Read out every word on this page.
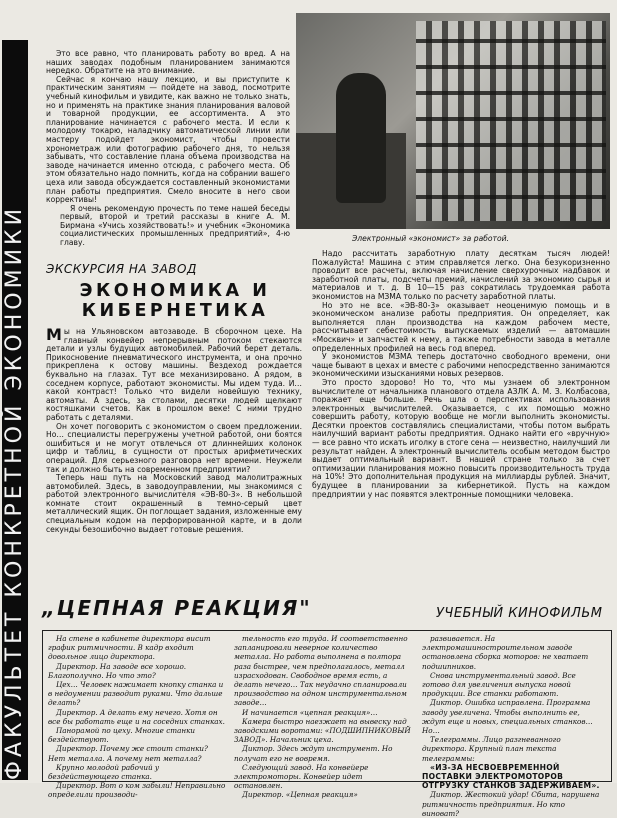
ФАКУЛЬТЕТ КОНКРЕТНОЙ ЭКОНОМИКИ

Это все равно, что планировать работу во вред. А на наших заводах подобным планированием занимаются нередко. Обратите на это внимание.

Сейчас я кончаю нашу лекцию, и вы приступите к практическим занятиям — пойдете на завод, посмотрите учебный кинофильм и увидите, как важно не только знать, но и применять на практике знания планирования валовой и товарной продукции, ее ассортимента. А это планирование начинается с рабочего места. И если к молодому токарю, наладчику автоматической линии или мастеру подойдет экономист, чтобы провести хронометраж или фотографию рабочего дня, то нельзя забывать, что составление плана объема производства на заводе начинается именно отсюда, с рабочего места. Об этом обязательно надо помнить, когда на собрании вашего цеха или завода обсуждается составленный экономистами план работы предприятия. Смело вносите в него свои коррективы!

Я очень рекомендую прочесть по теме нашей беседы первый, второй и третий рассказы в книге А. М. Бирмана «Учись хозяйствовать!» и учебник «Экономика социалистических промышленных предприятий», 4-ю главу.	Электронный «экономист» за работой.
ЭКСКУРСИЯ НА ЗАВОД
ЭКОНОМИКА И КИБЕРНЕТИКА

М ы на Ульяновском автозаводе. В сборочном цехе. На главный конвейер непрерывным потоком стекаются детали и узлы будущих автомобилей. Рабочий берет деталь. Прикосновение пневматического инструмента, и она прочно прикреплена к остову машины. Вездеход рождается буквально на глазах. Тут все механизировано. А рядом, в соседнем корпусе, работают экономисты. Мы идем туда. И… какой контраст! Только что видели новейшую технику, автоматы. А здесь, за столами, десятки людей щелкают костяшками счетов. Как в прошлом веке! С ними трудно работать с деталями.

Он хочет поговорить с экономистом о своем предложении. Но… специалисты перегружены учетной работой, они боятся ошибиться и не могут отвлечься от длиннейших колонок цифр и таблиц, в сущности от простых арифметических операций. Для серьезного разговора нет времени. Неужели так и должно быть на современном предприятии?

Теперь наш путь на Московский завод малолитражных автомобилей. Здесь, в заводоуправлении, мы знакомимся с работой электронного вычислителя «ЭВ-80-3». В небольшой комнате стоит окрашенный в темно-серый цвет металлический ящик. Он поглощает задания, изложенные ему специальным кодом на перфорированной карте, и в доли секунды безошибочно выдает готовые решения.

Надо рассчитать заработную плату десяткам тысяч людей! Пожалуйста! Машина с этим справляется легко. Она безукоризненно проводит все расчеты, включая начисление сверхурочных надбавок и заработной платы, подсчеты премий, начислений за экономию сырья и материалов и т. д. В 10—15 раз сократилась трудоемкая работа экономистов на МЗМА только по расчету заработной платы.

Но это не все. «ЭВ-80-3» оказывает неоценимую помощь и в экономическом анализе работы предприятия. Он определяет, как выполняется план производства на каждом рабочем месте, рассчитывает себестоимость выпускаемых изделий — автомашин «Москвич» и запчастей к нему, а также потребности завода в металле определенных профилей на весь год вперед.

У экономистов МЗМА теперь достаточно свободного времени, они чаще бывают в цехах и вместе с рабочими непосредственно занимаются экономическими изысканиями новых резервов.

Это просто здорово! Но то, что мы узнаем об электронном вычислителе от начальника планового отдела АЗЛК А. М. З. Колбасова, поражает еще больше. Речь шла о перспективах использования электронных вычислителей. Оказывается, с их помощью можно совершить работу, которую вообще не могли выполнить экономисты. Десятки проектов составлялись специалистами, чтобы потом выбрать наилучший вариант работы предприятия. Однако найти его «вручную» — все равно что искать иголку в стоге сена — неизвестно, наилучший ли результат найден. А электронный вычислитель особым методом быстро выдает оптимальный вариант. В нашей стране только за счет оптимизации планирования можно повысить производительность труда на 10%! Это дополнительная продукция на миллиарды рублей. Значит, будущее в планировании за кибернетикой. Пусть на каждом предприятии у нас появятся электронные помощники человека.

„ЦЕПНАЯ РЕАКЦИЯ"	УЧЕБНЫЙ КИНОФИЛЬМ

На стене в кабинете директора висит график ритмичности. В кадр входит довольное лицо директора.

Директор. На заводе все хорошо. Благополучно. Но что это?

Цех… Человек нажимает кнопку станка и в недоумении разводит руками. Что дальше делать?

Директор. А делать ему нечего. Хотя он все бы работать еще и на соседних станках.

Панорамой по цеху. Многие станки бездействуют.

Директор. Почему же стоит станки? Нет металла. А почему нет металла?

Крупно молодой рабочий у бездействующего станка.

Директор. Вот о ком забыли! Неправильно определили производи-

тельность его труда. И соответственно запланировали неверное количество металла. Но работа выполнена в полтора раза быстрее, чем предполагалось, металл израсходован. Свободное время есть, а делать нечего… Так неудачно спланировали производство на одном инструментальном заводе…

И начинается «цепная реакция»…

Камера быстро наезжает на вывеску над заводскими воротами: «ПОДШИПНИКОВЫЙ ЗАВОД». Начальник цеха.

Диктор. Здесь ждут инструмент. Но получат его не вовремя.

Следующий завод. На конвейере электромоторы. Конвейер идет остановлен.

Директор. «Цепная реакция»

развивается. На электромашиностроительном заводе остановлена сборка моторов: не хватает подшипников.

Снова инструментальный завод. Все готово для увеличения выпуска новой продукции. Все станки работают.

Диктор. Ошибка исправлена. Программа заводу увеличена. Чтобы выполнить ее, ждут еще и новых, специальных станков… Но…

Телеграммы. Лицо разгневанного директора. Крупный план текста телеграммы:

«ИЗ-ЗА НЕСВОЕВРЕМЕННОЙ ПОСТАВКИ ЭЛЕКТРОМОТОРОВ ОТГРУЗКУ СТАНКОВ ЗАДЕРЖИВАЕМ».

Диктор. Жестокий удар! Сбита, нарушена ритмичность предприятия. Но кто виноват?
